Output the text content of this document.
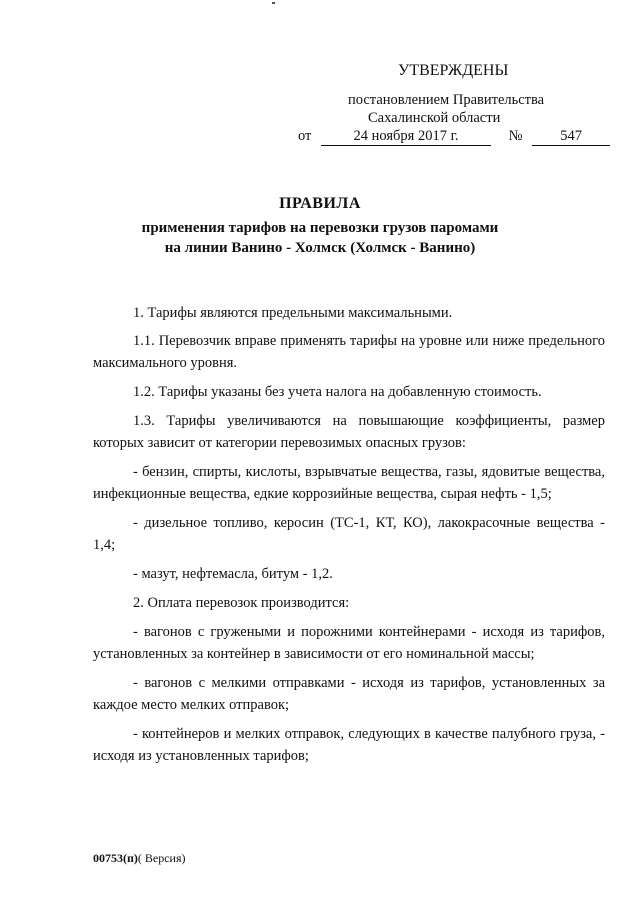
УТВЕРЖДЕНЫ
постановлением Правительства
Сахалинской области
от	24 ноября 2017 г.	№	547
ПРАВИЛА
применения тарифов на перевозки грузов паромами
на линии Ванино - Холмск (Холмск - Ванино)

1. Тарифы являются предельными максимальными.

1.1. Перевозчик вправе применять тарифы на уровне или ниже предельного максимального уровня.

1.2. Тарифы указаны без учета налога на добавленную стоимость.

1.3. Тарифы увеличиваются на повышающие коэффициенты, размер которых зависит от категории перевозимых опасных грузов:

- бензин, спирты, кислоты, взрывчатые вещества, газы, ядовитые вещества, инфекционные вещества, едкие коррозийные вещества, сырая нефть - 1,5;

- дизельное топливо, керосин (ТС-1, КТ, КО), лакокрасочные вещества - 1,4;

- мазут, нефтемасла, битум - 1,2.

2. Оплата перевозок производится:

- вагонов с гружеными и порожними контейнерами - исходя из тарифов, установленных за контейнер в зависимости от его номинальной массы;

- вагонов с мелкими отправками - исходя из тарифов, установленных за каждое место мелких отправок;

- контейнеров и мелких отправок, следующих в качестве палубного груза, - исходя из установленных тарифов;

00753(п)( Версия)
